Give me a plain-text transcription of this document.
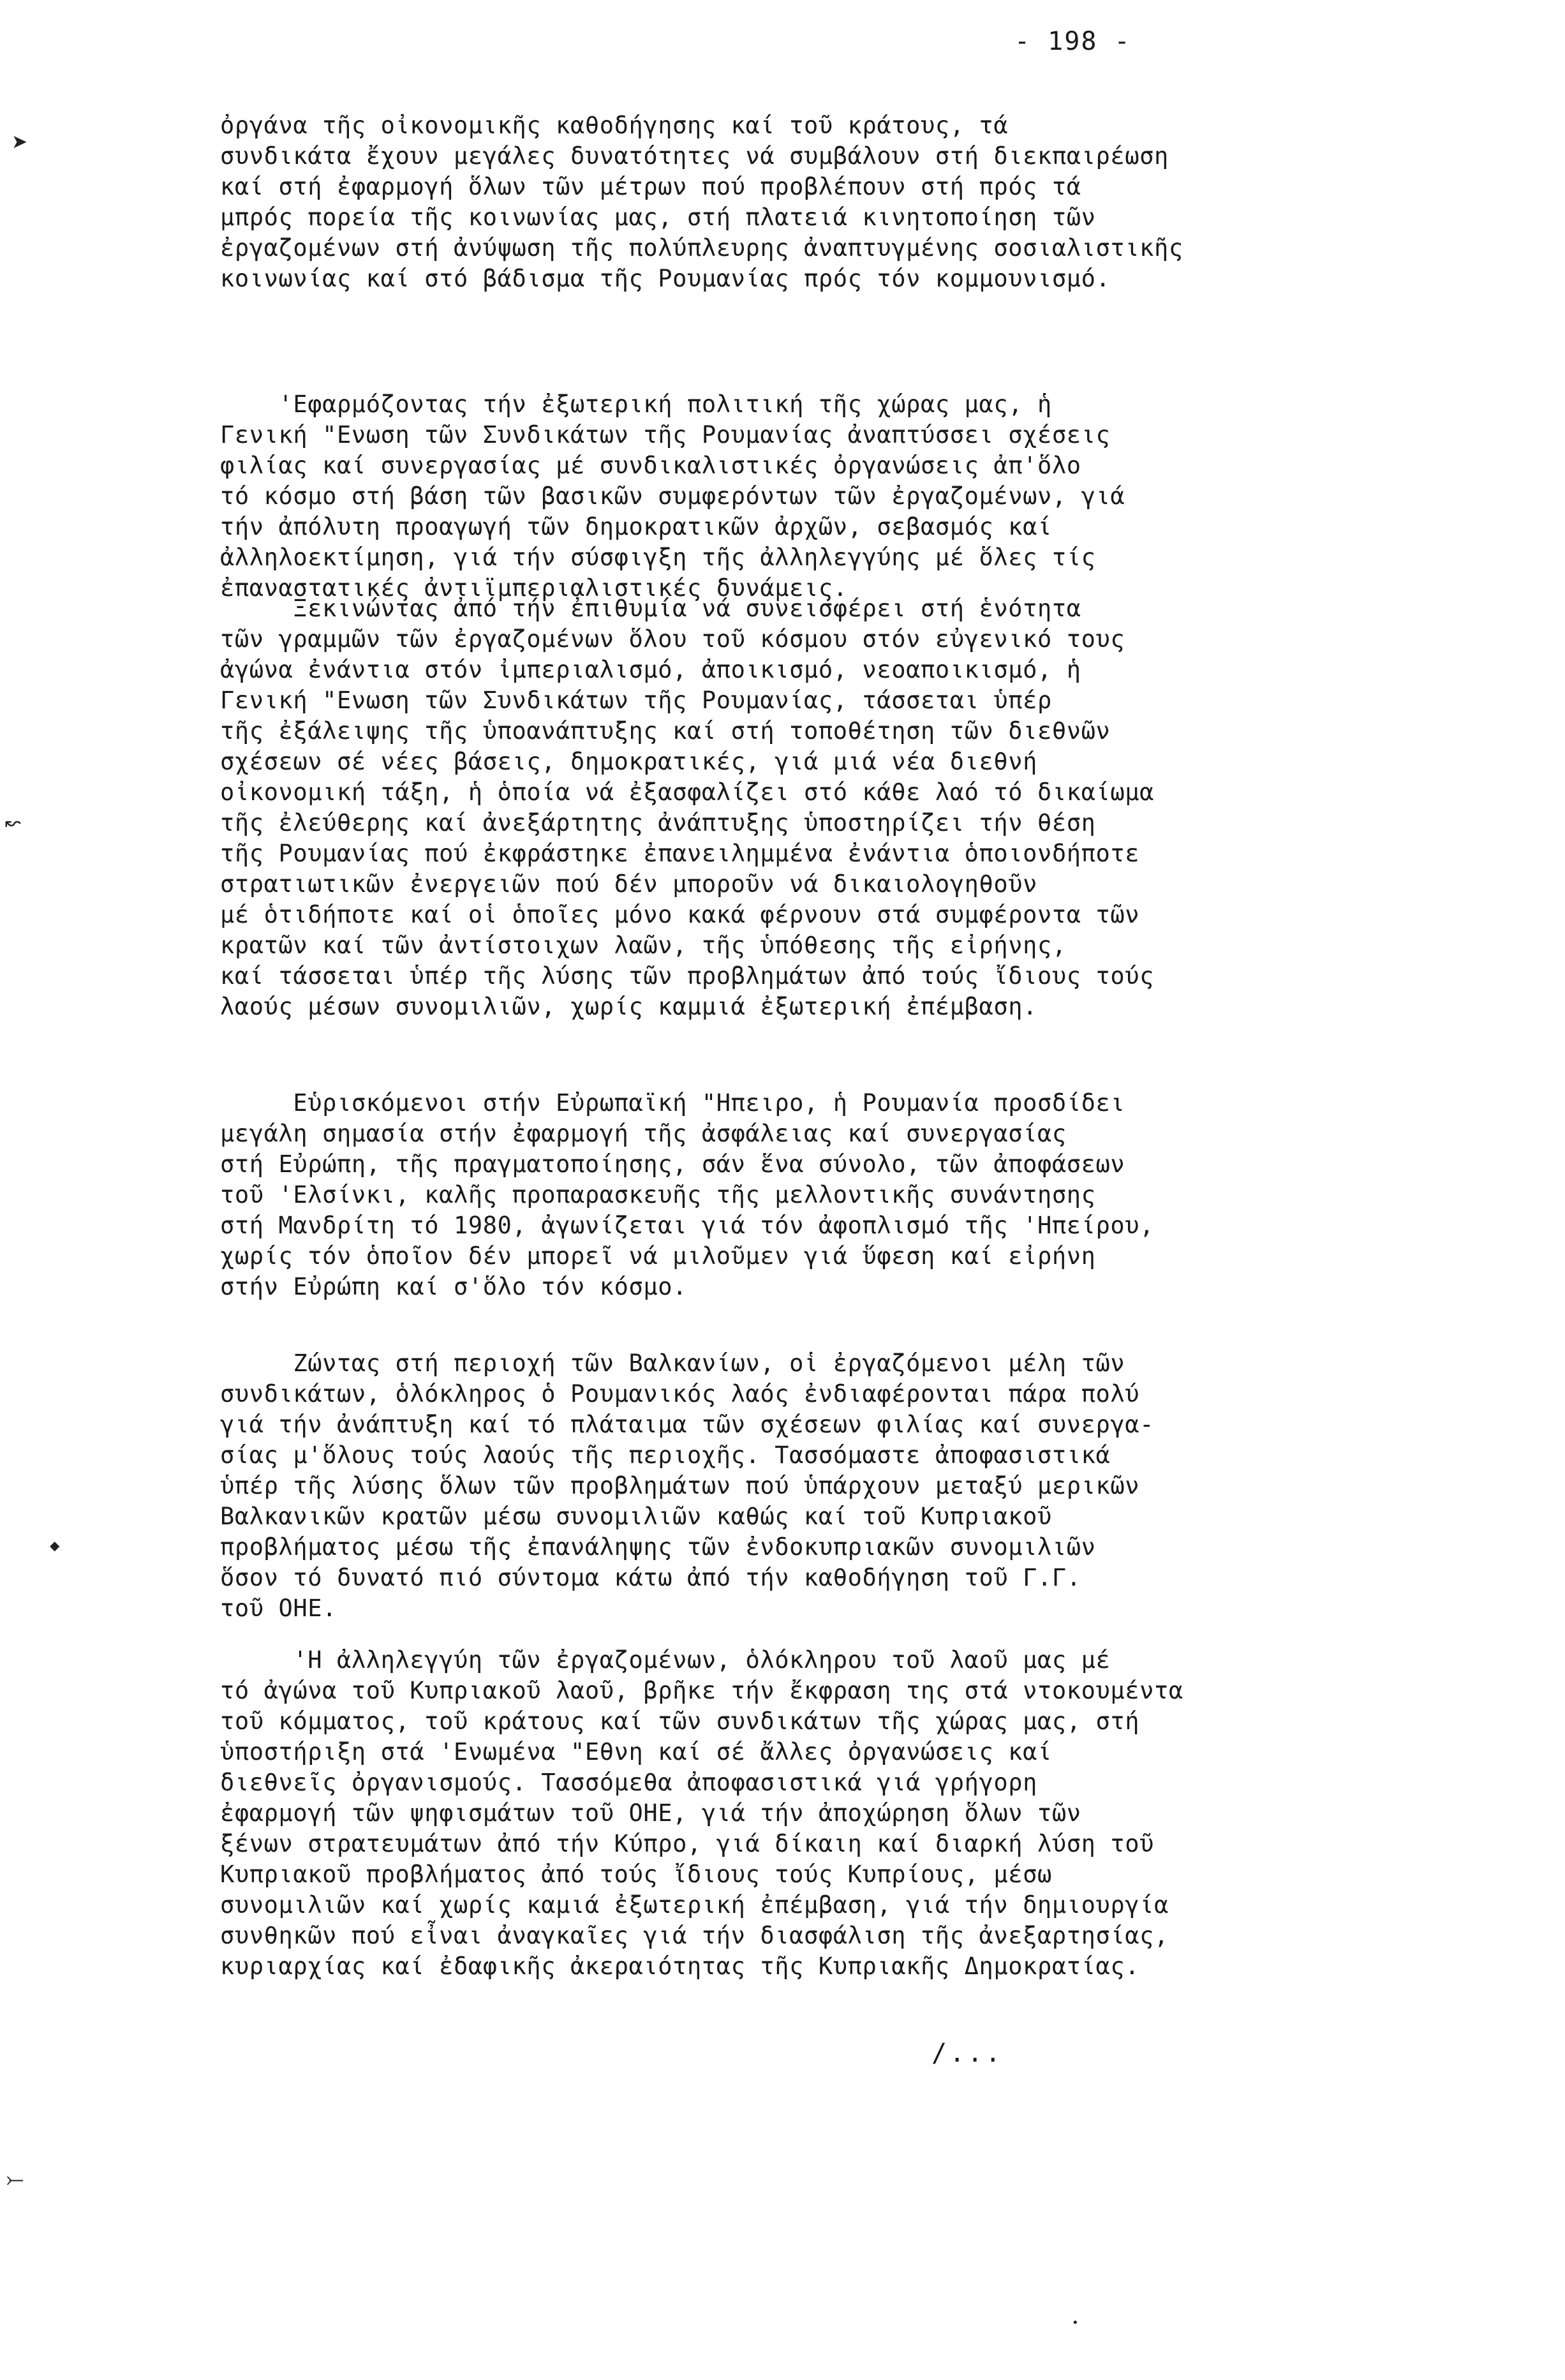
- 198 -
ὀργάνα τῆς οἰκονομικῆς καθοδήγησης καί τοῦ κράτους, τά
συνδικάτα ἔχουν μεγάλες δυνατότητες νά συμβάλουν στή διεκπαιρέωση
καί στή ἐφαρμογή ὅλων τῶν μέτρων πού προβλέπουν στή πρός τά
μπρός πορεία τῆς κοινωνίας μας, στή πλατειά κινητοποίηση τῶν
ἐργαζομένων στή ἀνύψωση τῆς πολύπλευρης ἀναπτυγμένης σοσιαλιστικῆς
κοινωνίας καί στό βάδισμα τῆς Ρουμανίας πρός τόν κομμουνισμό.
'Εφαρμόζοντας τήν ἐξωτερική πολιτική τῆς χώρας μας, ἡ
Γενική "Ενωση τῶν Συνδικάτων τῆς Ρουμανίας ἀναπτύσσει σχέσεις
φιλίας καί συνεργασίας μέ συνδικαλιστικές ὀργανώσεις ἀπ'ὅλο
τό κόσμο στή βάση τῶν βασικῶν συμφερόντων τῶν ἐργαζομένων, γιά
τήν ἀπόλυτη προαγωγή τῶν δημοκρατικῶν ἀρχῶν, σεβασμός καί
ἀλληλοεκτίμηση, γιά τήν σύσφιγξη τῆς ἀλληλεγγύης μέ ὅλες τίς
ἐπαναστατικές ἀντιϊμπεριαλιστικές δυνάμεις.
Ξεκινώντας ἀπό τήν ἐπιθυμία νά συνεισφέρει στή ἑνότητα
τῶν γραμμῶν τῶν ἐργαζομένων ὅλου τοῦ κόσμου στόν εὐγενικό τους
ἀγώνα ἐνάντια στόν ἰμπεριαλισμό, ἀποικισμό, νεοαποικισμό, ἡ
Γενική "Ενωση τῶν Συνδικάτων τῆς Ρουμανίας, τάσσεται ὑπέρ
τῆς ἐξάλειψης τῆς ὑποανάπτυξης καί στή τοποθέτηση τῶν διεθνῶν
σχέσεων σέ νέες βάσεις, δημοκρατικές, γιά μιά νέα διεθνή
οἰκονομική τάξη, ἡ ὁποία νά ἐξασφαλίζει στό κάθε λαό τό δικαίωμα
τῆς ἐλεύθερης καί ἀνεξάρτητης ἀνάπτυξης ὑποστηρίζει τήν θέση
τῆς Ρουμανίας πού ἐκφράστηκε ἐπανειλημμένα ἐνάντια ὁποιονδήποτε
στρατιωτικῶν ἐνεργειῶν πού δέν μποροῦν νά δικαιολογηθοῦν
μέ ὁτιδήποτε καί οἱ ὁποῖες μόνο κακά φέρνουν στά συμφέροντα τῶν
κρατῶν καί τῶν ἀντίστοιχων λαῶν, τῆς ὑπόθεσης τῆς εἰρήνης,
καί τάσσεται ὑπέρ τῆς λύσης τῶν προβλημάτων ἀπό τούς ἴδιους τούς
λαούς μέσων συνομιλιῶν, χωρίς καμμιά ἐξωτερική ἐπέμβαση.
Εὑρισκόμενοι στήν Εὐρωπαϊκή "Ηπειρο, ἡ Ρουμανία προσδίδει
μεγάλη σημασία στήν ἐφαρμογή τῆς ἀσφάλειας καί συνεργασίας
στή Εὐρώπη, τῆς πραγματοποίησης, σάν ἕνα σύνολο, τῶν ἀποφάσεων
τοῦ 'Ελσίνκι, καλῆς προπαρασκευῆς τῆς μελλοντικῆς συνάντησης
στή Μανδρίτη τό 1980, ἀγωνίζεται γιά τόν ἀφοπλισμό τῆς 'Ηπείρου,
χωρίς τόν ὁποῖον δέν μπορεῖ νά μιλοῦμεν γιά ὕφεση καί εἰρήνη
στήν Εὐρώπη καί σ'ὅλο τόν κόσμο.
Ζώντας στή περιοχή τῶν Βαλκανίων, οἱ ἐργαζόμενοι μέλη τῶν
συνδικάτων, ὁλόκληρος ὁ Ρουμανικός λαός ἐνδιαφέρονται πάρα πολύ
γιά τήν ἀνάπτυξη καί τό πλάταιμα τῶν σχέσεων φιλίας καί συνεργα-
σίας μ'ὅλους τούς λαούς τῆς περιοχῆς. Τασσόμαστε ἀποφασιστικά
ὑπέρ τῆς λύσης ὅλων τῶν προβλημάτων πού ὑπάρχουν μεταξύ μερικῶν
Βαλκανικῶν κρατῶν μέσω συνομιλιῶν καθώς καί τοῦ Κυπριακοῦ
προβλήματος μέσω τῆς ἐπανάληψης τῶν ἐνδοκυπριακῶν συνομιλιῶν
ὅσον τό δυνατό πιό σύντομα κάτω ἀπό τήν καθοδήγηση τοῦ Γ.Γ.
τοῦ ΟΗΕ.
'Η ἀλληλεγγύη τῶν ἐργαζομένων, ὁλόκληρου τοῦ λαοῦ μας μέ
τό ἀγώνα τοῦ Κυπριακοῦ λαοῦ, βρῆκε τήν ἔκφραση της στά ντοκουμέντα
τοῦ κόμματος, τοῦ κράτους καί τῶν συνδικάτων τῆς χώρας μας, στή
ὑποστήριξη στά 'Ενωμένα "Εθνη καί σέ ἄλλες ὀργανώσεις καί
διεθνεῖς ὀργανισμούς. Τασσόμεθα ἀποφασιστικά γιά γρήγορη
ἐφαρμογή τῶν ψηφισμάτων τοῦ ΟΗΕ, γιά τήν ἀποχώρηση ὅλων τῶν
ξένων στρατευμάτων ἀπό τήν Κύπρο, γιά δίκαιη καί διαρκή λύση τοῦ
Κυπριακοῦ προβλήματος ἀπό τούς ἴδιους τούς Κυπρίους, μέσω
συνομιλιῶν καί χωρίς καμιά ἐξωτερική ἐπέμβαση, γιά τήν δημιουργία
συνθηκῶν πού εἶναι ἀναγκαῖες γιά τήν διασφάλιση τῆς ἀνεξαρτησίας,
κυριαρχίας καί ἐδαφικῆς ἀκεραιότητας τῆς Κυπριακῆς Δημοκρατίας.
/...
➤
↜
◆
⤚
•
